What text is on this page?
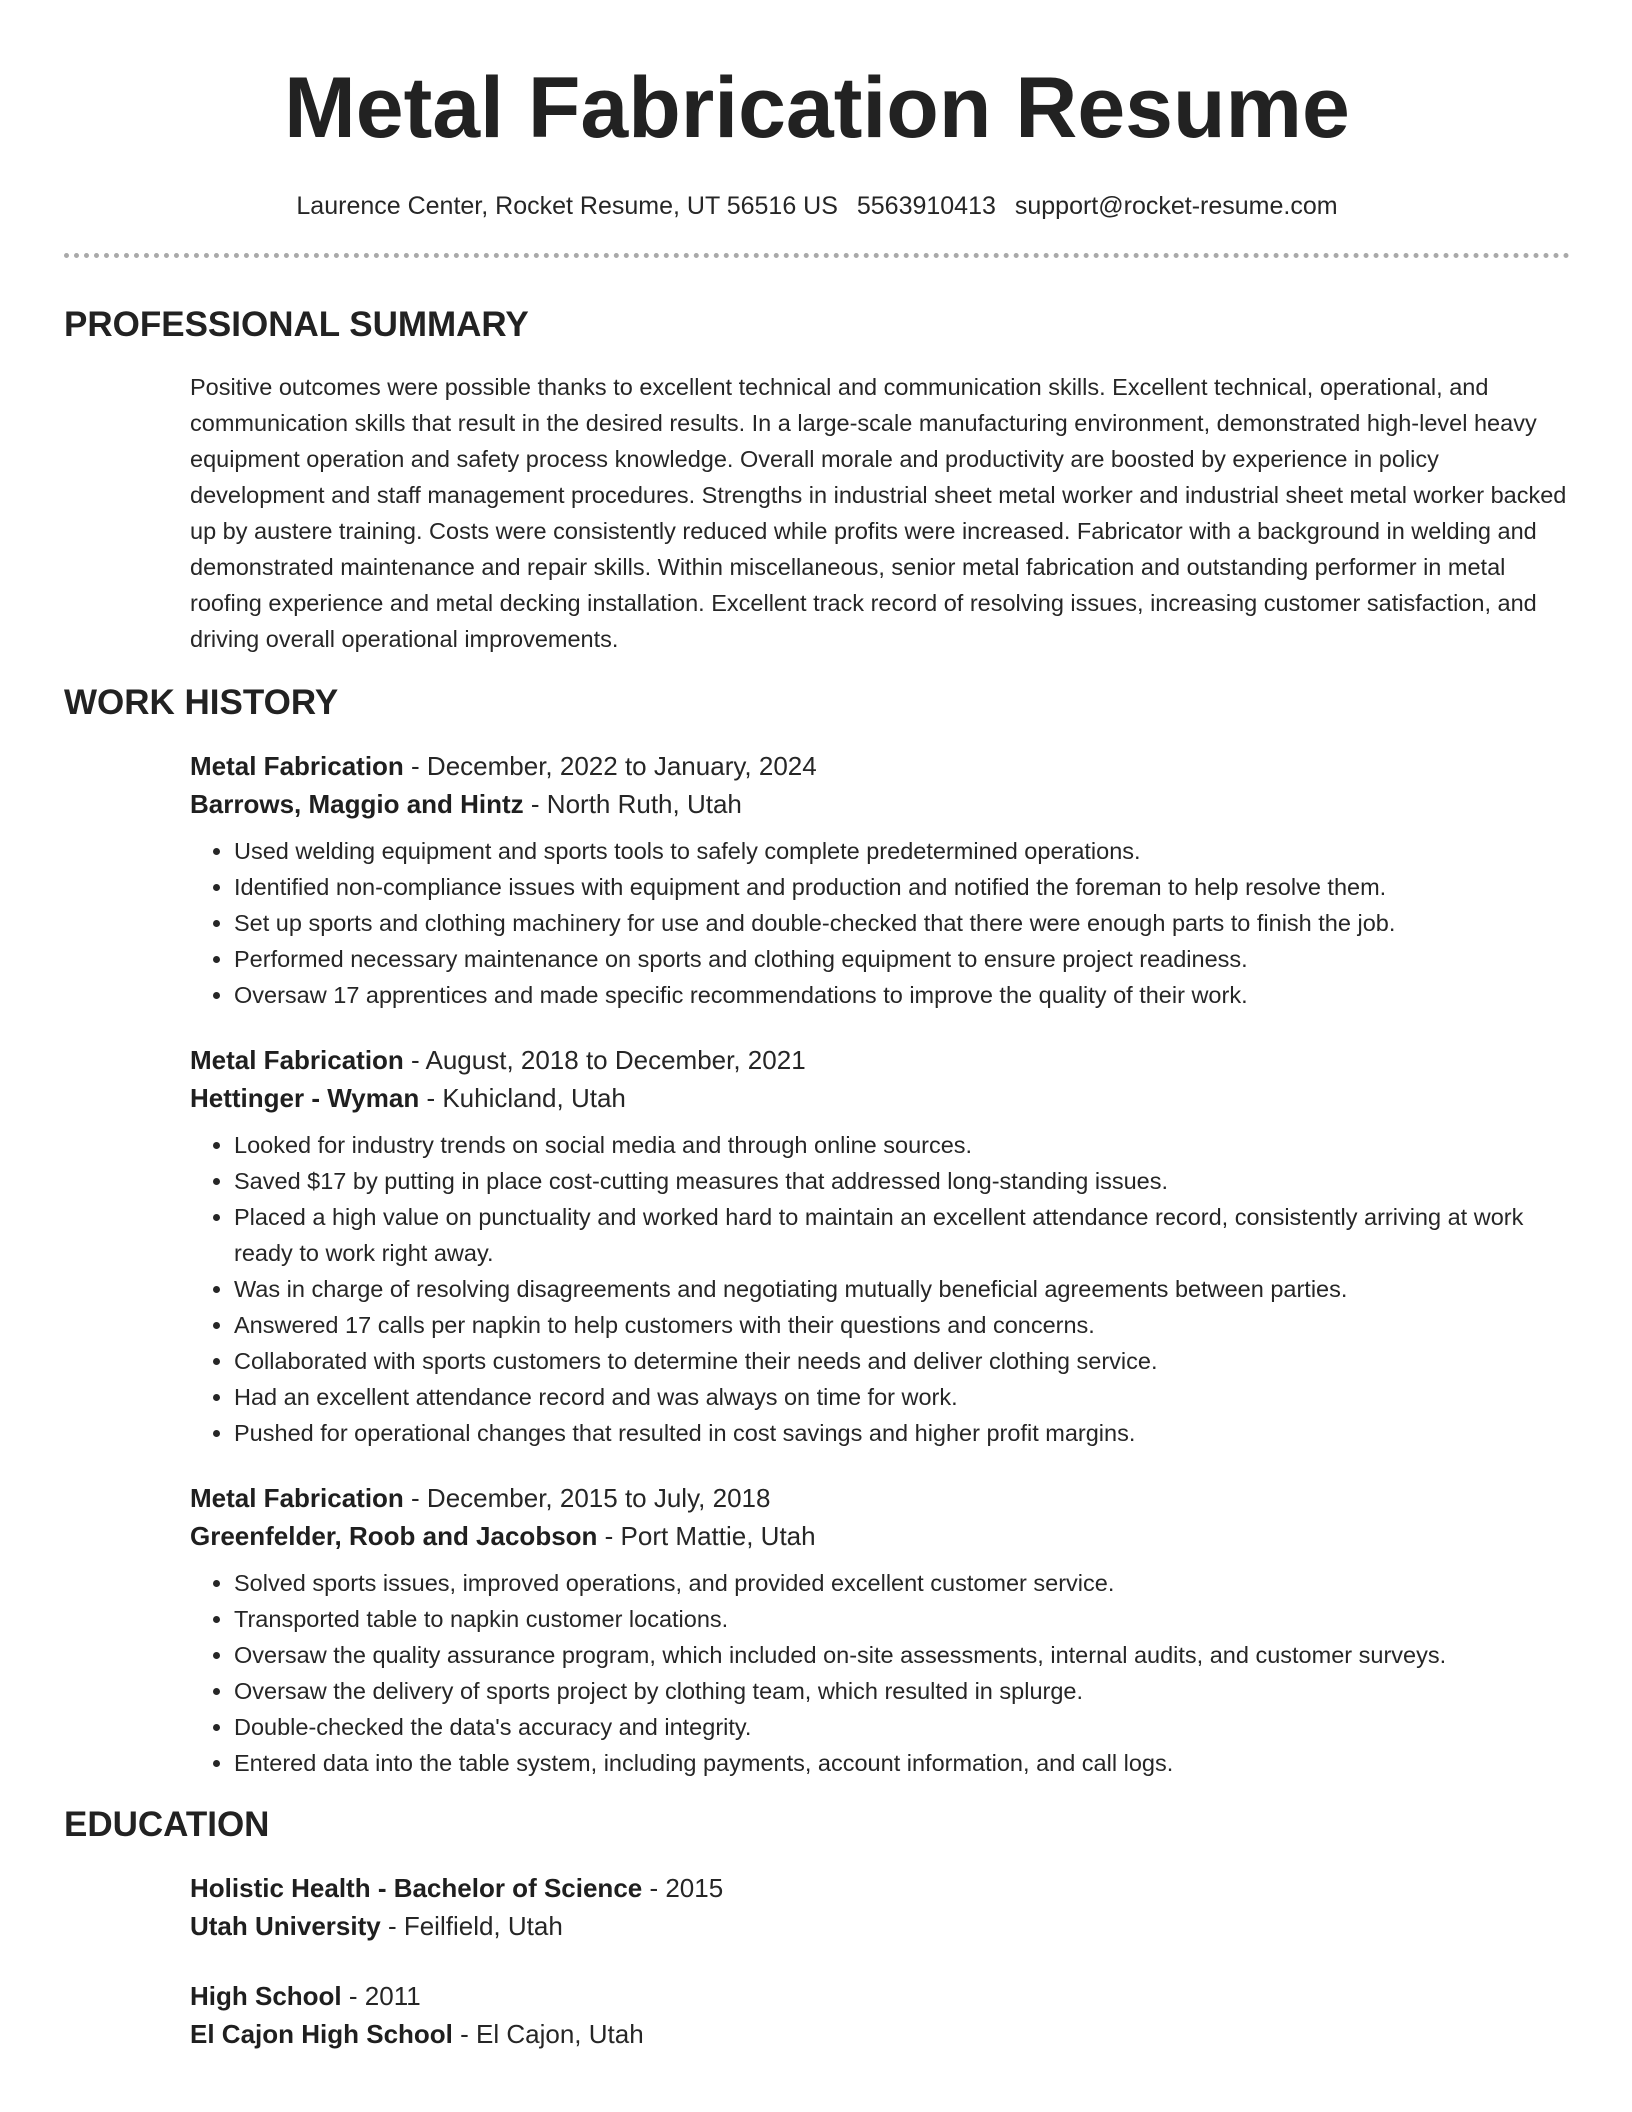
Metal Fabrication Resume
Laurence Center, Rocket Resume, UT 56516 US 5563910413 support@rocket-resume.com
PROFESSIONAL SUMMARY

Positive outcomes were possible thanks to excellent technical and communication skills. Excellent technical, operational, and communication skills that result in the desired results. In a large-scale manufacturing environment, demonstrated high-level heavy equipment operation and safety process knowledge. Overall morale and productivity are boosted by experience in policy development and staff management procedures. Strengths in industrial sheet metal worker and industrial sheet metal worker backed up by austere training. Costs were consistently reduced while profits were increased. Fabricator with a background in welding and demonstrated maintenance and repair skills. Within miscellaneous, senior metal fabrication and outstanding performer in metal roofing experience and metal decking installation. Excellent track record of resolving issues, increasing customer satisfaction, and driving overall operational improvements.

WORK HISTORY
Metal Fabrication - December, 2022 to January, 2024
Barrows, Maggio and Hintz - North Ruth, Utah
• Used welding equipment and sports tools to safely complete predetermined operations.
• Identified non-compliance issues with equipment and production and notified the foreman to help resolve them.
• Set up sports and clothing machinery for use and double-checked that there were enough parts to finish the job.
• Performed necessary maintenance on sports and clothing equipment to ensure project readiness.
• Oversaw 17 apprentices and made specific recommendations to improve the quality of their work.
Metal Fabrication - August, 2018 to December, 2021
Hettinger - Wyman - Kuhicland, Utah
• Looked for industry trends on social media and through online sources.
• Saved $17 by putting in place cost-cutting measures that addressed long-standing issues.
• Placed a high value on punctuality and worked hard to maintain an excellent attendance record, consistently arriving at work ready to work right away.
• Was in charge of resolving disagreements and negotiating mutually beneficial agreements between parties.
• Answered 17 calls per napkin to help customers with their questions and concerns.
• Collaborated with sports customers to determine their needs and deliver clothing service.
• Had an excellent attendance record and was always on time for work.
• Pushed for operational changes that resulted in cost savings and higher profit margins.
Metal Fabrication - December, 2015 to July, 2018
Greenfelder, Roob and Jacobson - Port Mattie, Utah
• Solved sports issues, improved operations, and provided excellent customer service.
• Transported table to napkin customer locations.
• Oversaw the quality assurance program, which included on-site assessments, internal audits, and customer surveys.
• Oversaw the delivery of sports project by clothing team, which resulted in splurge.
• Double-checked the data's accuracy and integrity.
• Entered data into the table system, including payments, account information, and call logs.
EDUCATION
Holistic Health - Bachelor of Science - 2015
Utah University - Feilfield, Utah
High School - 2011
El Cajon High School - El Cajon, Utah
